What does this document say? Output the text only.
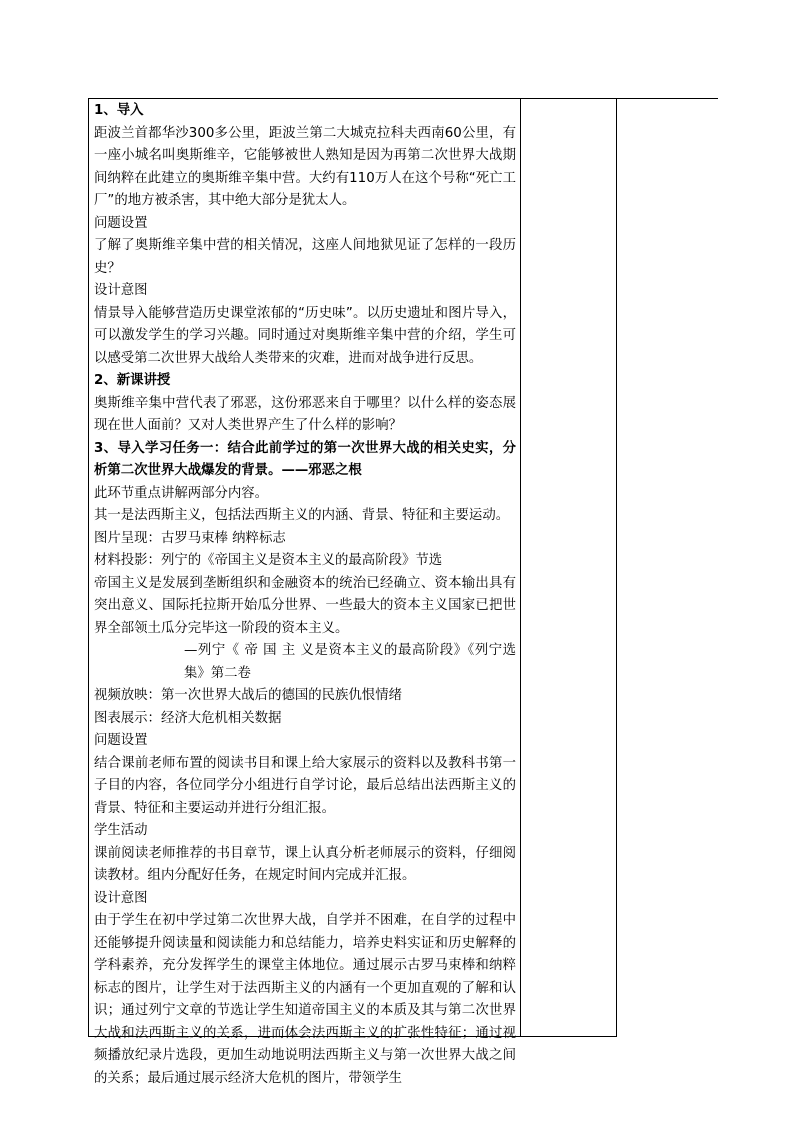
1、导入

距波兰首都华沙300多公里，距波兰第二大城克拉科夫西南60公里，有一座小城名叫奥斯维辛，它能够被世人熟知是因为再第二次世界大战期间纳粹在此建立的奥斯维辛集中营。大约有110万人在这个号称“死亡工厂”的地方被杀害，其中绝大部分是犹太人。

问题设置

了解了奥斯维辛集中营的相关情况，这座人间地狱见证了怎样的一段历史？

设计意图

情景导入能够营造历史课堂浓郁的“历史味”。以历史遗址和图片导入，可以激发学生的学习兴趣。同时通过对奥斯维辛集中营的介绍，学生可以感受第二次世界大战给人类带来的灾难，进而对战争进行反思。

2、新课讲授

奥斯维辛集中营代表了邪恶，这份邪恶来自于哪里？以什么样的姿态展现在世人面前？又对人类世界产生了什么样的影响？

3、导入学习任务一：结合此前学过的第一次世界大战的相关史实，分析第二次世界大战爆发的背景。——邪恶之根

此环节重点讲解两部分内容。

其一是法西斯主义，包括法西斯主义的内涵、背景、特征和主要运动。

图片呈现：古罗马束棒 纳粹标志

材料投影：列宁的《帝国主义是资本主义的最高阶段》节选

帝国主义是发展到垄断组织和金融资本的统治已经确立、资本输出具有突出意义、国际托拉斯开始瓜分世界、一些最大的资本主义国家已把世界全部领土瓜分完毕这一阶段的资本主义。

—列宁《 帝 国 主 义是资本主义的最高阶段》《列宁选集》第二卷

视频放映：第一次世界大战后的德国的民族仇恨情绪

图表展示：经济大危机相关数据

问题设置

结合课前老师布置的阅读书目和课上给大家展示的资料以及教科书第一子目的内容，各位同学分小组进行自学讨论，最后总结出法西斯主义的背景、特征和主要运动并进行分组汇报。

学生活动

课前阅读老师推荐的书目章节，课上认真分析老师展示的资料，仔细阅读教材。组内分配好任务，在规定时间内完成并汇报。

设计意图

由于学生在初中学过第二次世界大战，自学并不困难，在自学的过程中还能够提升阅读量和阅读能力和总结能力，培养史料实证和历史解释的学科素养，充分发挥学生的课堂主体地位。通过展示古罗马束棒和纳粹标志的图片，让学生对于法西斯主义的内涵有一个更加直观的了解和认识；通过列宁文章的节选让学生知道帝国主义的本质及其与第二次世界大战和法西斯主义的关系，进而体会法西斯主义的扩张性特征；通过视频播放纪录片选段，更加生动地说明法西斯主义与第一次世界大战之间的关系；最后通过展示经济大危机的图片，带领学生
